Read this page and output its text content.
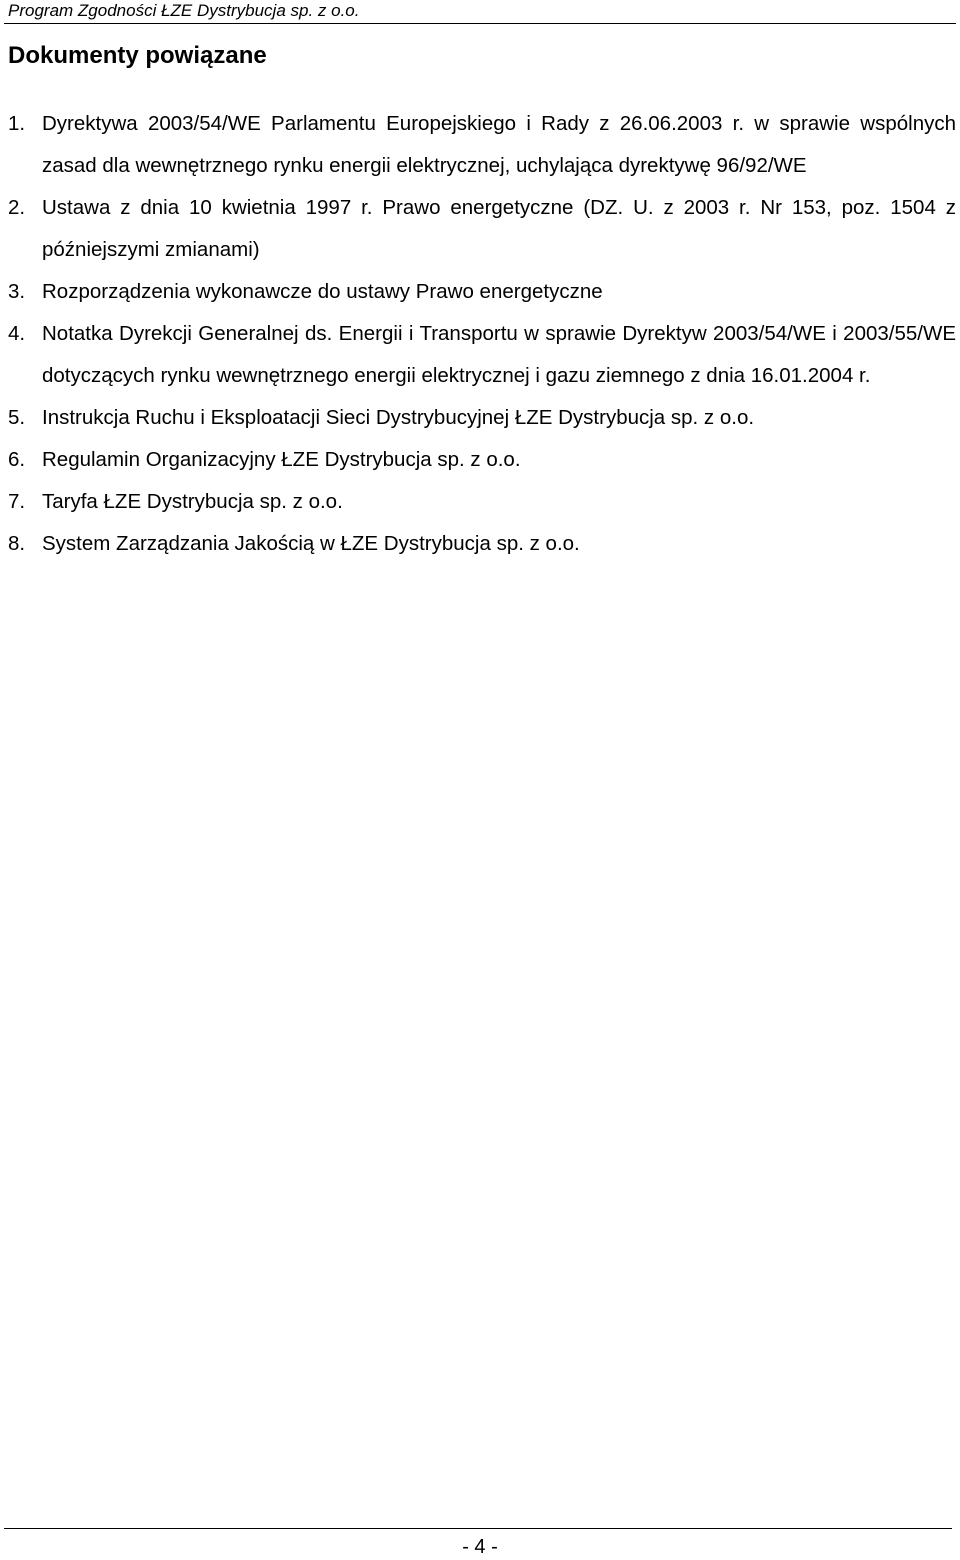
Program Zgodności ŁZE Dystrybucja sp. z o.o.
Dokumenty powiązane
1. Dyrektywa 2003/54/WE Parlamentu Europejskiego i Rady z 26.06.2003 r. w sprawie wspólnych zasad dla wewnętrznego rynku energii elektrycznej, uchylająca dyrektywę 96/92/WE
2. Ustawa z dnia 10 kwietnia 1997 r. Prawo energetyczne (DZ. U. z 2003 r. Nr 153, poz. 1504 z późniejszymi zmianami)
3. Rozporządzenia wykonawcze do ustawy Prawo energetyczne
4. Notatka Dyrekcji Generalnej ds. Energii i Transportu w sprawie Dyrektyw 2003/54/WE i 2003/55/WE dotyczących rynku wewnętrznego energii elektrycznej i gazu ziemnego z dnia 16.01.2004 r.
5. Instrukcja Ruchu i Eksploatacji Sieci Dystrybucyjnej ŁZE Dystrybucja sp. z o.o.
6. Regulamin Organizacyjny ŁZE Dystrybucja sp. z o.o.
7. Taryfa ŁZE Dystrybucja sp. z o.o.
8. System Zarządzania Jakością w ŁZE Dystrybucja sp. z o.o.
- 4 -
